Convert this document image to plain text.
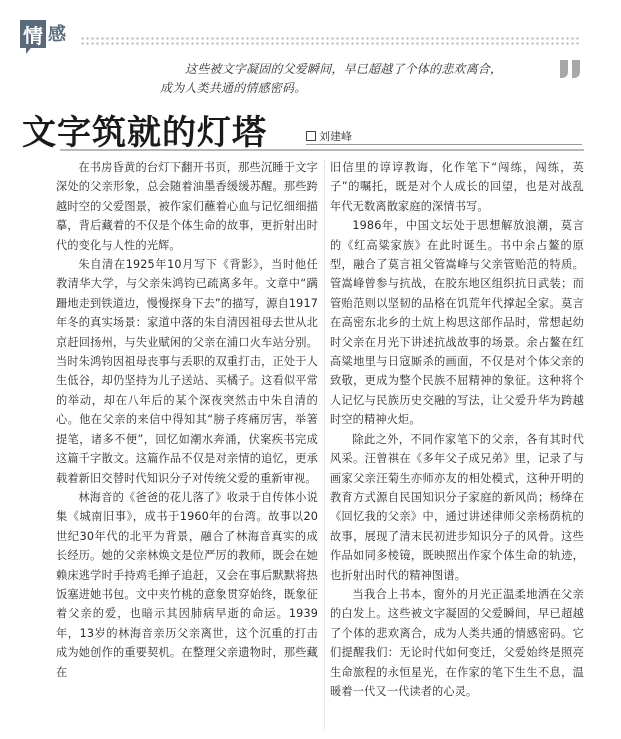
情 感
这些被文字凝固的父爱瞬间，早已超越了个体的悲欢离合，
成为人类共通的情感密码。
文字筑就的灯塔	刘建峰

在书房昏黄的台灯下翻开书页，那些沉睡于文字深处的父亲形象，总会随着油墨香缓缓苏醒。那些跨越时空的父爱图景，被作家们蘸着心血与记忆细细描摹，背后藏着的不仅是个体生命的故事，更折射出时代的变化与人性的光辉。

朱自清在1925年10月写下《背影》，当时他任教清华大学，与父亲朱鸿钧已疏离多年。文章中“蹒跚地走到铁道边，慢慢探身下去”的描写，源自1917年冬的真实场景：家道中落的朱自清因祖母去世从北京赶回扬州，与失业赋闲的父亲在浦口火车站分别。当时朱鸿钧因祖母丧事与丢职的双重打击，正处于人生低谷，却仍坚持为儿子送站、买橘子。这看似平常的举动，却在八年后的某个深夜突然击中朱自清的心。他在父亲的来信中得知其“膀子疼痛厉害，举箸提笔，诸多不便”，回忆如潮水奔涌，伏案疾书完成这篇千字散文。这篇作品不仅是对亲情的追忆，更承载着新旧交替时代知识分子对传统父爱的重新审视。

林海音的《爸爸的花儿落了》收录于自传体小说集《城南旧事》，成书于1960年的台湾。故事以20世纪30年代的北平为背景，融合了林海音真实的成长经历。她的父亲林焕文是位严厉的教师，既会在她赖床逃学时手持鸡毛掸子追赶，又会在事后默默将热饭塞进她书包。文中夹竹桃的意象贯穿始终，既象征着父亲的爱，也暗示其因肺病早逝的命运。1939年，13岁的林海音亲历父亲离世，这个沉重的打击成为她创作的重要契机。在整理父亲遗物时，那些藏在

旧信里的谆谆教诲，化作笔下“闯练，闯练，英子”的嘱托，既是对个人成长的回望，也是对战乱年代无数离散家庭的深情书写。

1986年，中国文坛处于思想解放浪潮，莫言的《红高粱家族》在此时诞生。书中余占鳌的原型，融合了莫言祖父管嵩峰与父亲管贻范的特质。管嵩峰曾参与抗战，在胶东地区组织抗日武装；而管贻范则以坚韧的品格在饥荒年代撑起全家。莫言在高密东北乡的土炕上构思这部作品时，常想起幼时父亲在月光下讲述抗战故事的场景。余占鳌在红高粱地里与日寇厮杀的画面，不仅是对个体父亲的致敬，更成为整个民族不屈精神的象征。这种将个人记忆与民族历史交融的写法，让父爱升华为跨越时空的精神火炬。

除此之外，不同作家笔下的父亲，各有其时代风采。汪曾祺在《多年父子成兄弟》里，记录了与画家父亲汪菊生亦师亦友的相处模式，这种开明的教育方式源自民国知识分子家庭的新风尚；杨绛在《回忆我的父亲》中，通过讲述律师父亲杨荫杭的故事，展现了清末民初进步知识分子的风骨。这些作品如同多棱镜，既映照出作家个体生命的轨迹，也折射出时代的精神图谱。

当我合上书本，窗外的月光正温柔地洒在父亲的白发上。这些被文字凝固的父爱瞬间，早已超越了个体的悲欢离合，成为人类共通的情感密码。它们提醒我们：无论时代如何变迁，父爱始终是照亮生命旅程的永恒星光，在作家的笔下生生不息，温暖着一代又一代读者的心灵。
